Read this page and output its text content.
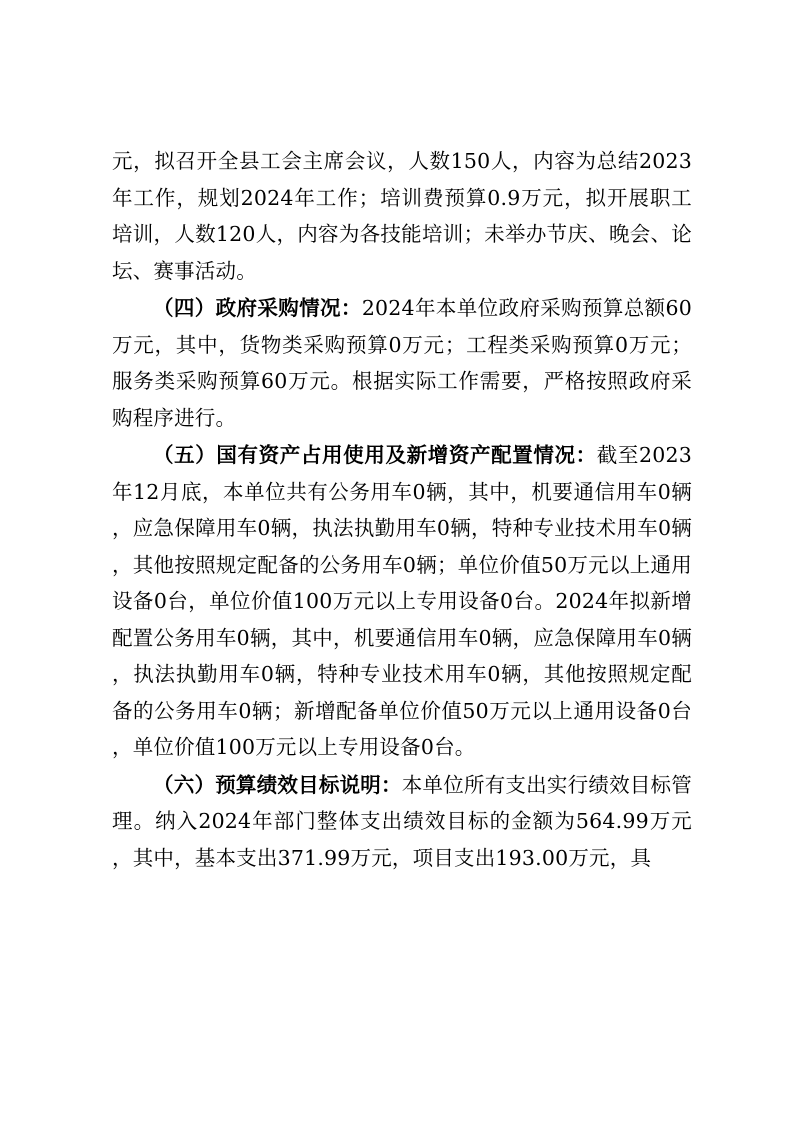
元，拟召开全县工会主席会议，人数150人，内容为总结2023年工作，规划2024年工作；培训费预算0.9万元，拟开展职工培训，人数120人，内容为各技能培训；未举办节庆、晚会、论坛、赛事活动。

（四）政府采购情况：2024年本单位政府采购预算总额60万元，其中，货物类采购预算0万元；工程类采购预算0万元；服务类采购预算60万元。根据实际工作需要，严格按照政府采购程序进行。

（五）国有资产占用使用及新增资产配置情况：截至2023年12月底，本单位共有公务用车0辆，其中，机要通信用车0辆，应急保障用车0辆，执法执勤用车0辆，特种专业技术用车0辆，其他按照规定配备的公务用车0辆；单位价值50万元以上通用设备0台，单位价值100万元以上专用设备0台。2024年拟新增配置公务用车0辆，其中，机要通信用车0辆，应急保障用车0辆，执法执勤用车0辆，特种专业技术用车0辆，其他按照规定配备的公务用车0辆；新增配备单位价值50万元以上通用设备0台，单位价值100万元以上专用设备0台。

（六）预算绩效目标说明：本单位所有支出实行绩效目标管理。纳入2024年部门整体支出绩效目标的金额为564.99万元，其中，基本支出371.99万元，项目支出193.00万元，具
